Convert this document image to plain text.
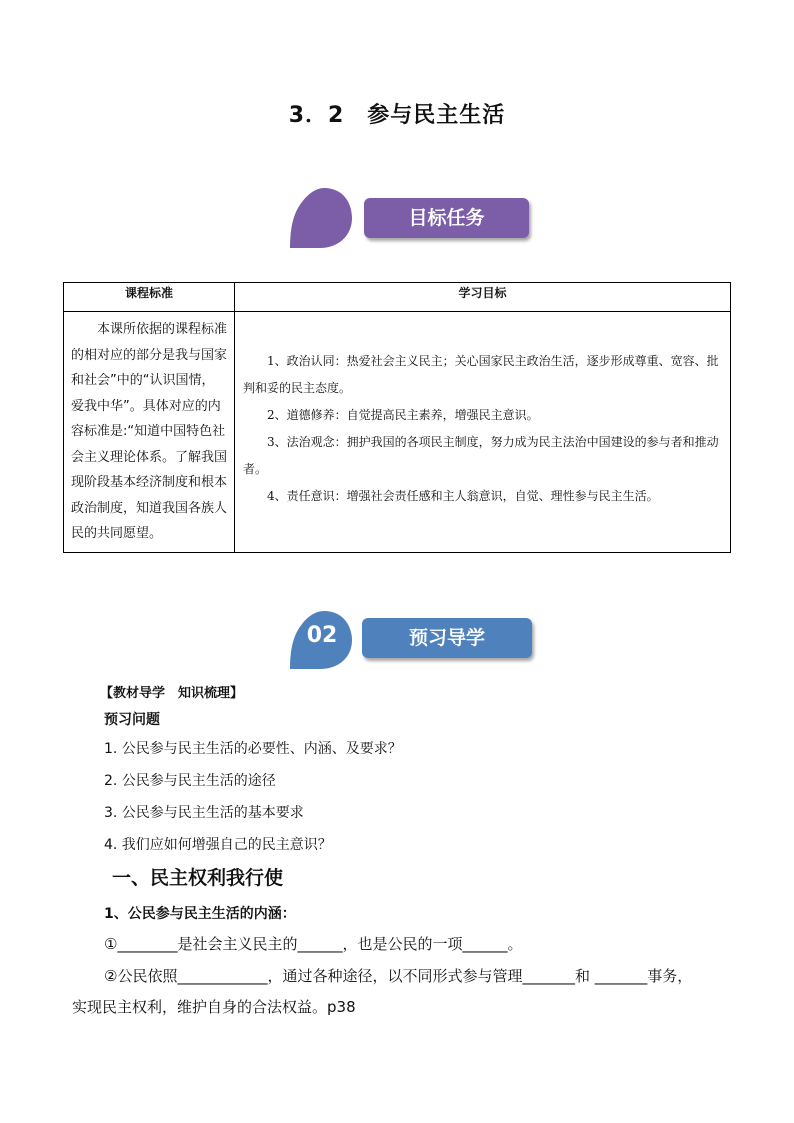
3．2　参与民主生活
目标任务
课程标准	学习目标

本课所依据的课程标准的相对应的部分是我与国家和社会”中的“认识国情，爱我中华”。具体对应的内容标准是:“知道中国特色社会主义理论体系。了解我国现阶段基本经济制度和根本政治制度，知道我国各族人民的共同愿望。	1、政治认同：热爱社会主义民主；关心国家民主政治生活，逐步形成尊重、宽容、批判和妥的民主态度。
2、道德修养：自觉提高民主素养，增强民主意识。
3、法治观念：拥护我国的各项民主制度，努力成为民主法治中国建设的参与者和推动者。
4、责任意识：增强社会责任感和主人翁意识，自觉、理性参与民主生活。
02	预习导学
【教材导学　知识梳理】
预习问题
1. 公民参与民主生活的必要性、内涵、及要求？
2. 公民参与民主生活的途径
3. 公民参与民主生活的基本要求
4. 我们应如何增强自己的民主意识？
一、民主权利我行使
1、公民参与民主生活的内涵：
①________是社会主义民主的______，也是公民的一项______。
②公民依照____________，通过各种途径，以不同形式参与管理_______和 _______事务，
实现民主权利，维护自身的合法权益。p38
